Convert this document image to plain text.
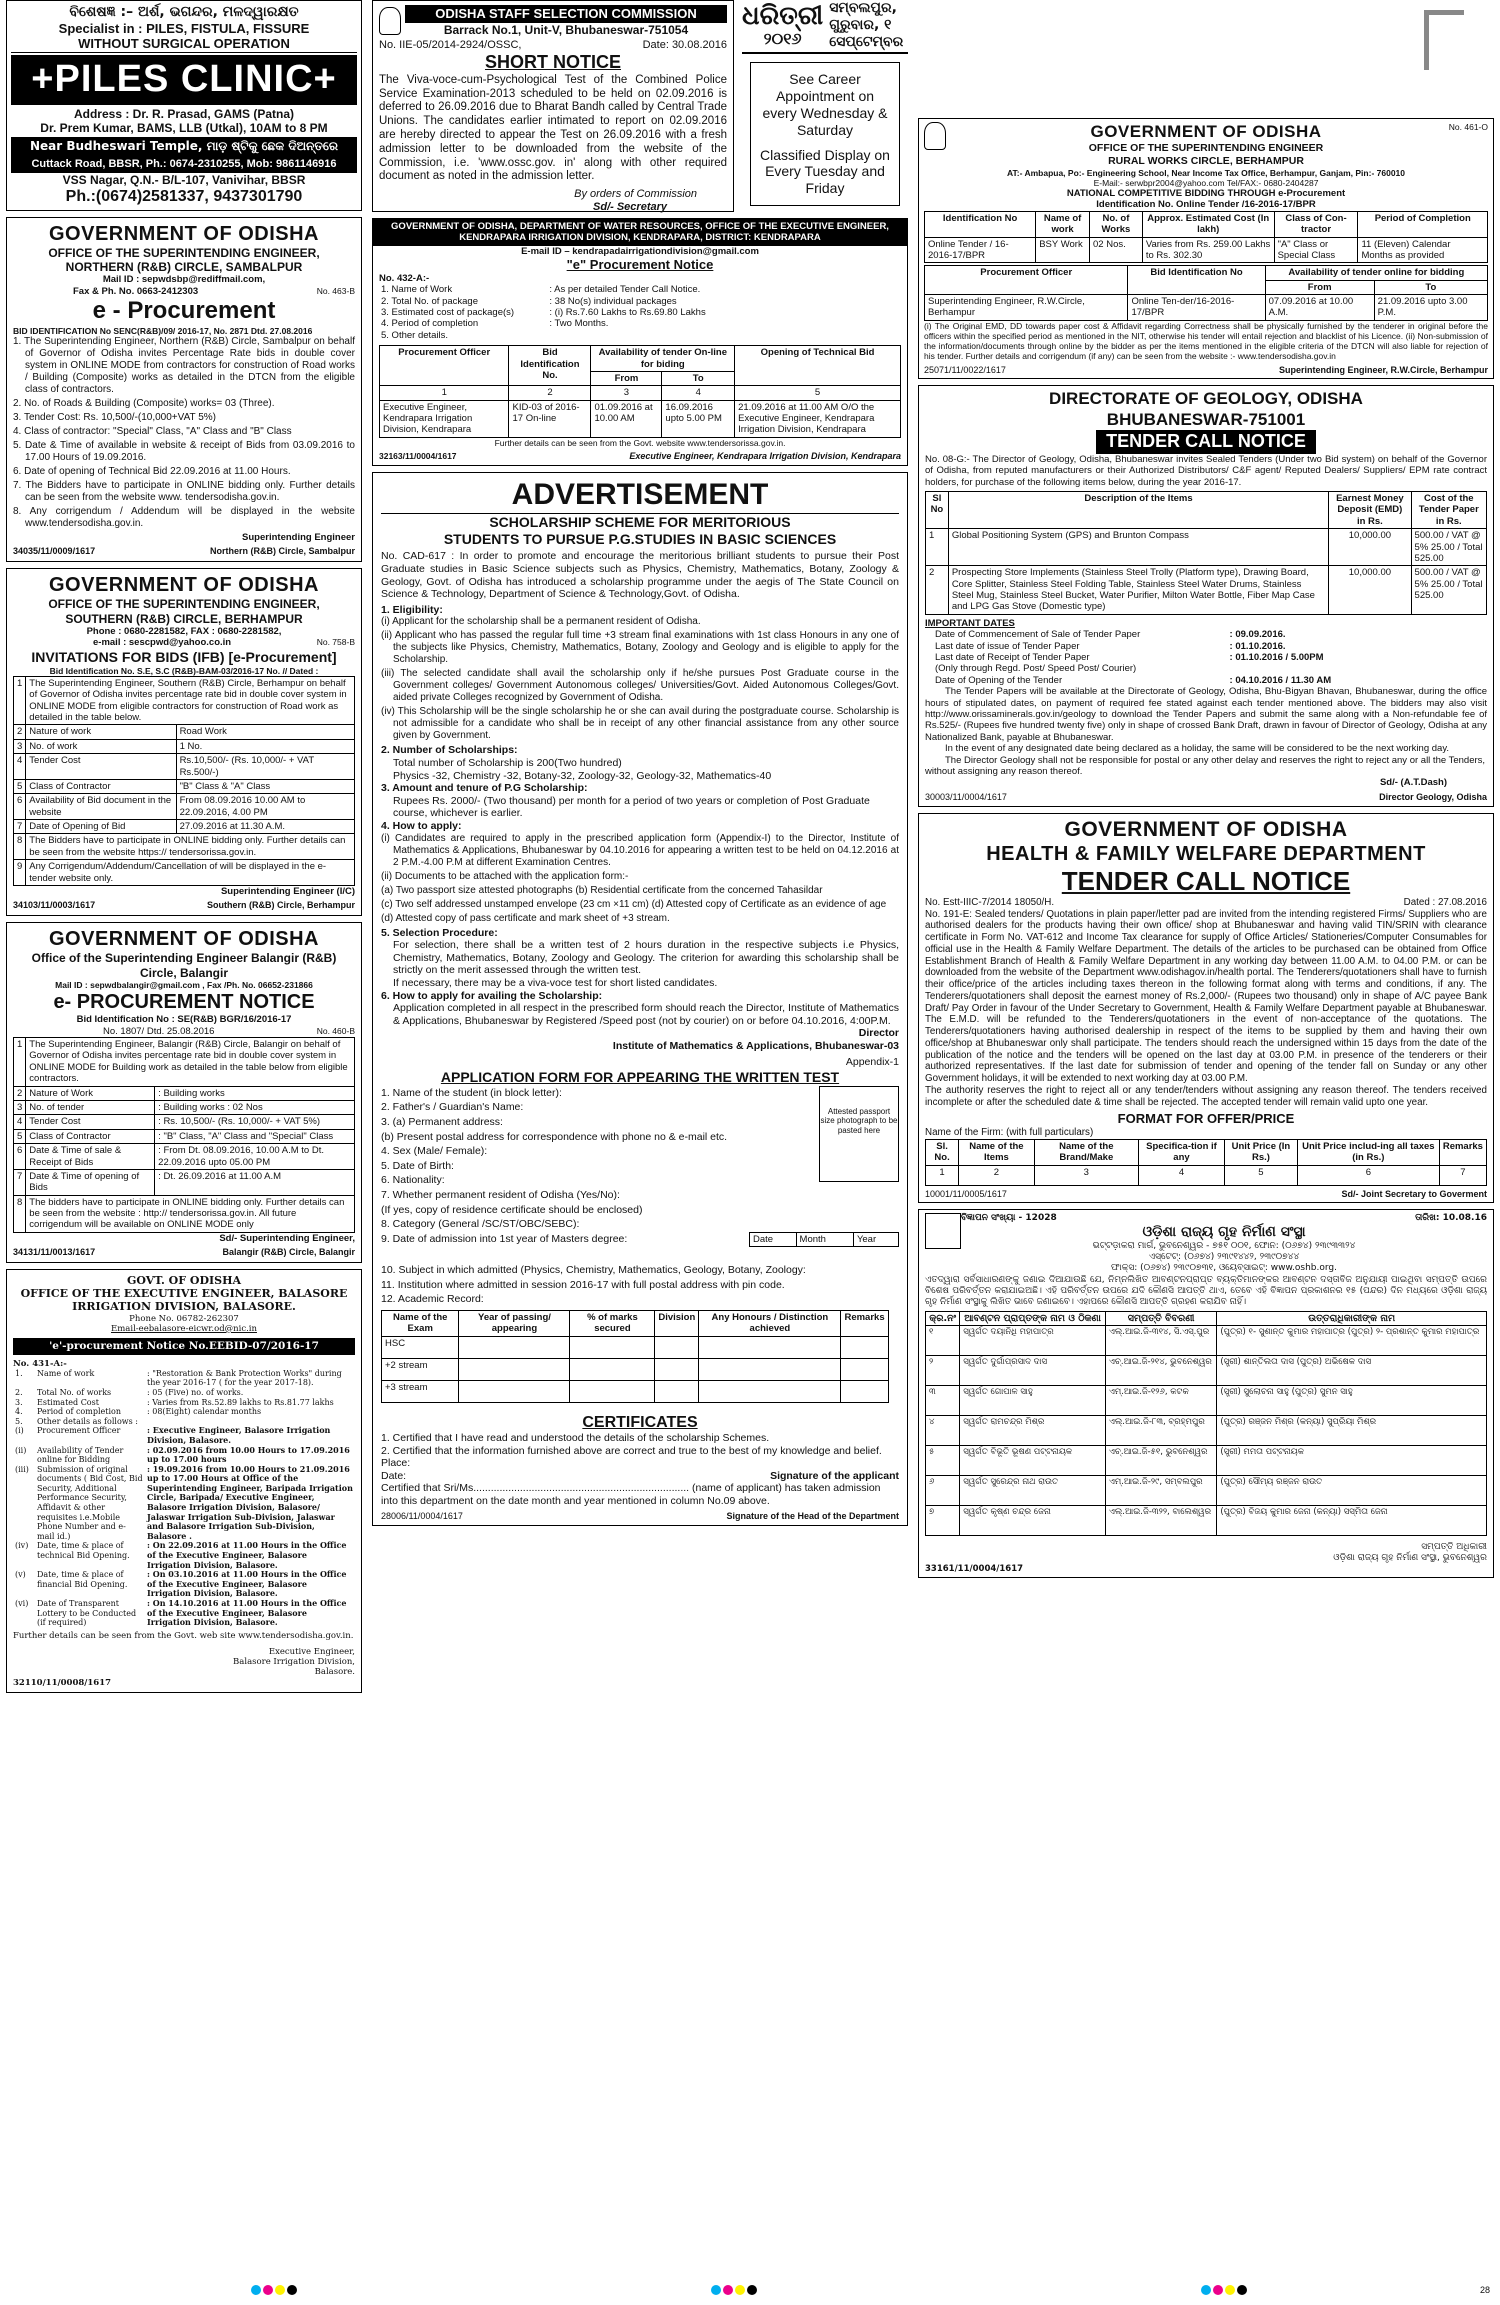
ବିଶେଷଜ୍ଞ :– ଅର୍ଶ, ଭଗନ୍ଦର, ମଳଦ୍ୱାରକ୍ଷତ
Specialist in : PILES, FISTULA, FISSURE
WITHOUT SURGICAL OPERATION
+PILES CLINIC+
Address : Dr. R. Prasad, GAMS (Patna)
Dr. Prem Kumar, BAMS, LLB (Utkal), 10AM to 8 PM
Near Budheswari Temple, ମାଡ଼ ଷ୍ଟିକୁ ଛେକ ଦିଅନ୍ତରେ
Cuttack Road, BBSR, Ph.: 0674-2310255, Mob: 9861146916
VSS Nagar, Q.N.- B/L-107, Vanivihar, BBSR
Ph.:(0674)2581337, 9437301790
GOVERNMENT OF ODISHA
OFFICE OF THE SUPERINTENDING ENGINEER, NORTHERN (R&B) CIRCLE, SAMBALPUR
Mail ID : sepwdsbp@rediffmail.com,
Fax & Ph. No. 0663-2412303	No. 463-B
e - Procurement
BID IDENTIFICATION No SENC(R&B)/09/ 2016-17, No. 2871 Dtd. 27.08.2016
1. The Superintending Engineer, Northern (R&B) Circle, Sambalpur on behalf of Governor of Odisha invites Percentage Rate bids in double cover system in ONLINE MODE from contractors for construction of Road works / Building (Composite) works as detailed in the DTCN from the eligible class of contractors.
2. No. of Roads & Building (Composite) works= 03 (Three).
3. Tender Cost: Rs. 10,500/-(10,000+VAT 5%)
4. Class of contractor: "Special" Class, "A" Class and "B" Class
5. Date & Time of available in website & receipt of Bids from 03.09.2016 to 17.00 Hours of 19.09.2016.
6. Date of opening of Technical Bid 22.09.2016 at 11.00 Hours.
7. The Bidders have to participate in ONLINE bidding only. Further details can be seen from the website www. tendersodisha.gov.in.
8. Any corrigendum / Addendum will be displayed in the website www.tendersodisha.gov.in.
Superintending Engineer
34035/11/0009/1617	Northern (R&B) Circle, Sambalpur
GOVERNMENT OF ODISHA
OFFICE OF THE SUPERINTENDING ENGINEER, SOUTHERN (R&B) CIRCLE, BERHAMPUR
Phone : 0680-2281582, FAX : 0680-2281582,
e-mail : sescpwd@yahoo.co.in	No. 758-B
INVITATIONS FOR BIDS (IFB) [e-Procurement]
Bid Identification No. S.E, S.C (R&B)-BAM-03/2016-17 No. // Dated :
1	The Superintending Engineer, Southern (R&B) Circle, Berhampur on behalf of Governor of Odisha invites percentage rate bid in double cover system in ONLINE MODE from eligible contractors for construction of Road work as detailed in the table below.	
2	Nature of work	Road Work
3	No. of work	1 No.
4	Tender Cost	Rs.10,500/- (Rs. 10,000/- + VAT Rs.500/-)
5	Class of Contractor	"B" Class & "A" Class
6	Availability of Bid document in the website	From 08.09.2016 10.00 AM to 22.09.2016, 4.00 PM
7	Date of Opening of Bid	27.09.2016 at 11.30 A.M.
8	The Bidders have to participate in ONLINE bidding only. Further details can be seen from the website https:// tendersorissa.gov.in.	
9	Any Corrigendum/Addendum/Cancellation of will be displayed in the e-tender website only.	
Superintending Engineer (I/C)
34103/11/0003/1617	Southern (R&B) Circle, Berhampur
GOVERNMENT OF ODISHA
Office of the Superintending Engineer Balangir (R&B) Circle, Balangir
Mail ID : sepwdbalangir@gmail.com , Fax /Ph. No. 06652-231866
e- PROCUREMENT NOTICE
Bid Identification No : SE(R&B) BGR/16/2016-17
No. 1807/ Dtd. 25.08.2016	No. 460-B
1	The Superintending Engineer, Balangir (R&B) Circle, Balangir on behalf of Governor of Odisha invites percentage rate bid in double cover system in ONLINE MODE for Building work as detailed in the table below from eligible contractors.	
2	Nature of Work	: Building works
3	No. of tender	: Building works : 02 Nos
4	Tender Cost	: Rs. 10,500/- (Rs. 10,000/- + VAT 5%)
5	Class of Contractor	: "B" Class, "A" Class and "Special" Class
6	Date & Time of sale & Receipt of Bids	: From Dt. 08.09.2016, 10.00 A.M to Dt. 22.09.2016 upto 05.00 PM
7	Date & Time of opening of Bids	: Dt. 26.09.2016 at 11.00 A.M
8	The bidders have to participate in ONLINE bidding only. Further details can be seen from the website : http:// tendersorissa.gov.in. All future corrigendum will be available on ONLINE MODE only	
Sd/- Superintending Engineer,
34131/11/0013/1617	Balangir (R&B) Circle, Balangir
GOVT. OF ODISHA
OFFICE OF THE EXECUTIVE ENGINEER, BALASORE IRRIGATION DIVISION, BALASORE.
Phone No. 06782-262307
Email-eebalasore-eicwr.od@nic.in
'e'-procurement Notice No.EEBID-07/2016-17
No. 431-A:-
1.	Name of work	: "Restoration & Bank Protection Works" during the year 2016-17 ( for the year 2017-18).
2.	Total No. of works	: 05 (Five) no. of works.
3.	Estimated Cost	: Varies from Rs.52.89 lakhs to Rs.81.77 lakhs
4.	Period of completion	: 08(Eight) calendar months
5.	Other details as follows :	
(i)	Procurement Officer	: Executive Engineer, Balasore Irrigation Division, Balasore.
(ii)	Availability of Tender online for Bidding	: 02.09.2016 from 10.00 Hours to 17.09.2016 up to 17.00 hours
(iii)	Submission of original documents ( Bid Cost, Bid Security, Additional Performance Security, Affidavit & other requisites i.e.Mobile Phone Number and e-mail id.)	: 19.09.2016 from 10.00 Hours to 21.09.2016 up to 17.00 Hours at Office of the Superintending Engineer, Baripada Irrigation Circle, Baripada/ Executive Engineer, Balasore Irrigation Division, Balasore/ Jalaswar Irrigation Sub-Division, Jalaswar and Balasore Irrigation Sub-Division, Balasore .
(iv)	Date, time & place of technical Bid Opening.	: On 22.09.2016 at 11.00 Hours in the Office of the Executive Engineer, Balasore Irrigation Division, Balasore.
(v)	Date, time & place of financial Bid Opening.	: On 03.10.2016 at 11.00 Hours in the Office of the Executive Engineer, Balasore Irrigation Division, Balasore.
(vi)	Date of Transparent Lottery to be Conducted (if required)	: On 14.10.2016 at 11.00 Hours in the Office of the Executive Engineer, Balasore Irrigation Division, Balasore.
Further details can be seen from the Govt. web site www.tendersodisha.gov.in.
Executive Engineer,
Balasore Irrigation Division,
Balasore.
32110/11/0008/1617
ODISHA STAFF SELECTION COMMISSION
Barrack No.1, Unit-V, Bhubaneswar-751054
No. IIE-05/2014-2924/OSSC,	Date: 30.08.2016
SHORT NOTICE
The Viva-voce-cum-Psychological Test of the Combined Police Service Examination-2013 scheduled to be held on 02.09.2016 is deferred to 26.09.2016 due to Bharat Bandh called by Central Trade Unions. The candidates earlier intimated to report on 02.09.2016 are hereby directed to appear the Test on 26.09.2016 with a fresh admission letter to be downloaded from the website of the Commission, i.e. 'www.ossc.gov. in' along with other required document as noted in the admission letter.
By orders of Commission
Sd/- Secretary
ଧରିତ୍ରୀ
୨୦୧୬
ସମ୍ବଲପୁର, ଗୁରୁବାର, ୧ ସେପ୍ଟେମ୍ବର
See Career Appointment on every Wednesday & Saturday
Classified Display on Every Tuesday and Friday
GOVERNMENT OF ODISHA, DEPARTMENT OF WATER RESOURCES, OFFICE OF THE EXECUTIVE ENGINEER, KENDRAPARA IRRIGATION DIVISION, KENDRAPARA, DISTRICT: KENDRAPARA
E-mail ID – kendrapadairrigationdivision@gmail.com
"e" Procurement Notice
No. 432-A:-
1. Name of Work	: As per detailed Tender Call Notice.
2. Total No. of package	: 38 No(s) individual packages
3. Estimated cost of package(s)	: (i) Rs.7.60 Lakhs to Rs.69.80 Lakhs
4. Period of completion	: Two Months.
5. Other details.	
Procurement Officer	Bid Identification No.	Availability of tender On-line for biding		Opening of Technical Bid
		From	To	
1	2	3	4	5
Executive Engineer, Kendrapara Irrigation Division, Kendrapara	KID-03 of 2016-17 On-line	01.09.2016 at 10.00 AM	16.09.2016 upto 5.00 PM	21.09.2016 at 11.00 AM O/O the Executive Engineer, Kendrapara Irrigation Division, Kendrapara
Further details can be seen from the Govt. website www.tendersorissa.gov.in.
32163/11/0004/1617	Executive Engineer, Kendrapara Irrigation Division, Kendrapara
ADVERTISEMENT
SCHOLARSHIP SCHEME FOR MERITORIOUS
STUDENTS TO PURSUE P.G.STUDIES IN BASIC SCIENCES
No. CAD-617 : In order to promote and encourage the meritorious brilliant students to pursue their Post Graduate studies in Basic Science subjects such as Physics, Chemistry, Mathematics, Botany, Zoology & Geology, Govt. of Odisha has introduced a scholarship programme under the aegis of The State Council on Science & Technology, Department of Science & Technology,Govt. of Odisha.
1. Eligibility:
(i) Applicant for the scholarship shall be a permanent resident of Odisha.
(ii) Applicant who has passed the regular full time +3 stream final examinations with 1st class Honours in any one of the subjects like Physics, Chemistry, Mathematics, Botany, Zoology and Geology and is eligible to apply for the Scholarship.
(iii) The selected candidate shall avail the scholarship only if he/she pursues Post Graduate course in the Government colleges/ Government Autonomous colleges/ Universities/Govt. Aided Autonomous Colleges/Govt. aided private Colleges recognized by Government of Odisha.
(iv) This Scholarship will be the single scholarship he or she can avail during the postgraduate course. Scholarship is not admissible for a candidate who shall be in receipt of any other financial assistance from any other source given by Government.
2. Number of Scholarships:
Total number of Scholarship is 200(Two hundred)
Physics -32, Chemistry -32, Botany-32, Zoology-32, Geology-32, Mathematics-40
3. Amount and tenure of P.G Scholarship:
Rupees Rs. 2000/- (Two thousand) per month for a period of two years or completion of Post Graduate course, whichever is earlier.
4. How to apply:
(i) Candidates are required to apply in the prescribed application form (Appendix-I) to the Director, Institute of Mathematics & Applications, Bhubaneswar by 04.10.2016 for appearing a written test to be held on 04.12.2016 at 2 P.M.-4.00 P.M at different Examination Centres.
(ii) Documents to be attached with the application form:-
(a) Two passport size attested photographs (b) Residential certificate from the concerned Tahasildar
(c) Two self addressed unstamped envelope (23 cm ×11 cm) (d) Attested copy of Certificate as an evidence of age
(d) Attested copy of pass certificate and mark sheet of +3 stream.
5. Selection Procedure:
For selection, there shall be a written test of 2 hours duration in the respective subjects i.e Physics, Chemistry, Mathematics, Botany, Zoology and Geology. The criterion for awarding this scholarship shall be strictly on the merit assessed through the written test.
If necessary, there may be a viva-voce test for short listed candidates.
6. How to apply for availing the Scholarship:
Application completed in all respect in the prescribed form should reach the Director, Institute of Mathematics & Applications, Bhubaneswar by Registered /Speed post (not by courier) on or before 04.10.2016, 4:00P.M.
Director
Institute of Mathematics & Applications, Bhubaneswar-03
Appendix-1
APPLICATION FORM FOR APPEARING THE WRITTEN TEST
1. Name of the student (in block letter):
2. Father's / Guardian's Name:
3. (a) Permanent address:
(b) Present postal address for correspondence with phone no & e-mail etc.
4. Sex (Male/ Female):
5. Date of Birth:
6. Nationality:
7. Whether permanent resident of Odisha (Yes/No):
(If yes, copy of residence certificate should be enclosed)
8. Category (General /SC/ST/OBC/SEBC):
Attested passport size photograph to be pasted here
9. Date of admission into 1st year of Masters degree:	Date	Month	Year
10. Subject in which admitted (Physics, Chemistry, Mathematics, Geology, Botany, Zoology:
11. Institution where admitted in session 2016-17 with full postal address with pin code.
12. Academic Record:
Name of the Exam	Year of passing/ appearing	% of marks secured	Division	Any Honours / Distinction achieved	Remarks
HSC					
+2 stream					
+3 stream					
CERTIFICATES
1. Certified that I have read and understood the details of the scholarship Schemes.
2. Certified that the information furnished above are correct and true to the best of my knowledge and belief.
Place:
Date:	Signature of the applicant
Certified that Sri/Ms.......................................................................... (name of applicant) has taken admission into this department on the date month and year mentioned in column No.09 above.
28006/11/0004/1617	Signature of the Head of the Department
No. 461-O
GOVERNMENT OF ODISHA
OFFICE OF THE SUPERINTENDING ENGINEER
RURAL WORKS CIRCLE, BERHAMPUR
AT:- Ambapua, Po:- Engineering School, Near Income Tax Office, Berhampur, Ganjam, Pin:- 760010
E-Mail:- serwbpr2004@yahoo.com Tel/FAX:- 0680-2404287
NATIONAL COMPETITIVE BIDDING THROUGH e-Procurement
Identification No. Online Tender /16-2016-17/BPR
Identification No	Name of work	No. of Works	Approx. Estimated Cost (In lakh)	Class of Con-tractor	Period of Completion
Online Tender / 16-2016-17/BPR	BSY Work	02 Nos.	Varies from Rs. 259.00 Lakhs to Rs. 302.30	"A" Class or Special Class	11 (Eleven) Calendar Months as provided
Procurement Officer	Bid Identification No	Availability of tender online for bidding	
		From	To
Superintending Engineer, R.W.Circle, Berhampur	Online Ten-der/16-2016-17/BPR	07.09.2016 at 10.00 A.M.	21.09.2016 upto 3.00 P.M.
(i) The Original EMD, DD towards paper cost & Affidavit regarding Correctness shall be physically furnished by the tenderer in original before the officers within the specified period as mentioned in the NIT, otherwise his tender will entail rejection and blacklist of his Licence. (ii) Non-submission of the information/documents through online by the bidder as per the items mentioned in the eligible criteria of the DTCN will also liable for rejection of his tender. Further details and corrigendum (if any) can be seen from the website :- www.tendersodisha.gov.in
25071/11/0022/1617	Superintending Engineer, R.W.Circle, Berhampur
DIRECTORATE OF GEOLOGY, ODISHA
BHUBANESWAR-751001
TENDER CALL NOTICE
No. 08-G:- The Director of Geology, Odisha, Bhubaneswar invites Sealed Tenders (Under two Bid system) on behalf of the Governor of Odisha, from reputed manufacturers or their Authorized Distributors/ C&F agent/ Reputed Dealers/ Suppliers/ EPM rate contract holders, for purchase of the following items below, during the year 2016-17.
Sl No	Description of the Items	Earnest Money Deposit (EMD) in Rs.	Cost of the Tender Paper in Rs.
1	Global Positioning System (GPS) and Brunton Compass	10,000.00	500.00 / VAT @ 5% 25.00 / Total 525.00
2	Prospecting Store Implements (Stainless Steel Trolly (Platform type), Drawing Board, Core Splitter, Stainless Steel Folding Table, Stainless Steel Water Drums, Stainless Steel Mug, Stainless Steel Bucket, Water Purifier, Milton Water Bottle, Fiber Map Case and LPG Gas Stove (Domestic type)	10,000.00	500.00 / VAT @ 5% 25.00 / Total 525.00
IMPORTANT DATES
Date of Commencement of Sale of Tender Paper	: 09.09.2016.
Last date of issue of Tender Paper	: 01.10.2016.
Last date of Receipt of Tender Paper	: 01.10.2016 / 5.00PM
(Only through Regd. Post/ Speed Post/ Courier)	
Date of Opening of the Tender	: 04.10.2016 / 11.30 AM
The Tender Papers will be available at the Directorate of Geology, Odisha, Bhu-Bigyan Bhavan, Bhubaneswar, during the office hours of stipulated dates, on payment of required fee stated against each tender mentioned above. The bidders may also visit http://www.orissaminerals.gov.in/geology to download the Tender Papers and submit the same along with a Non-refundable fee of Rs.525/- (Rupees five hundred twenty five) only in shape of crossed Bank Draft, drawn in favour of Director of Geology, Odisha at any Nationalized Bank, payable at Bhubaneswar.
In the event of any designated date being declared as a holiday, the same will be considered to be the next working day.
The Director Geology shall not be responsible for postal or any other delay and reserves the right to reject any or all the Tenders, without assigning any reason thereof.
Sd/- (A.T.Dash)
30003/11/0004/1617	Director Geology, Odisha
GOVERNMENT OF ODISHA
HEALTH & FAMILY WELFARE DEPARTMENT
TENDER CALL NOTICE
No. Estt-IIIC-7/2014 18050/H.	Dated : 27.08.2016
No. 191-E: Sealed tenders/ Quotations in plain paper/letter pad are invited from the intending registered Firms/ Suppliers who are authorised dealers for the products having their own office/ shop at Bhubaneswar and having valid TIN/SRIN with clearance certificate in Form No. VAT-612 and Income Tax clearance for supply of Office Articles/ Stationeries/Computer Consumables for official use in the Health & Family Welfare Department. The details of the articles to be purchased can be obtained from Office Establishment Branch of Health & Family Welfare Department in any working day between 11.00 A.M. to 04.00 P.M. or can be downloaded from the website of the Department www.odishagov.in/health portal. The Tenderers/quotationers shall have to furnish their office/price of the articles including taxes thereon in the following format along with terms and conditions, if any. The Tenderers/quotationers shall deposit the earnest money of Rs.2,000/- (Rupees two thousand) only in shape of A/C payee Bank Draft/ Pay Order in favour of the Under Secretary to Government, Health & Family Welfare Department payable at Bhubaneswar. The E.M.D. will be refunded to the Tenderers/quotationers in the event of non-acceptance of the quotations. The Tenderers/quotationers having authorised dealership in respect of the items to be supplied by them and having their own office/shop at Bhubaneswar only shall participate. The tenders should reach the undersigned within 15 days from the date of the publication of the notice and the tenders will be opened on the last day at 03.00 P.M. in presence of the tenderers or their authorized representatives. If the last date for submission of tender and opening of the tender fall on Sunday or any other Government holidays, it will be extended to next working day at 03.00 P.M.
The authority reserves the right to reject all or any tender/tenders without assigning any reason thereof. The tenders received incomplete or after the scheduled date & time shall be rejected. The accepted tender will remain valid upto one year.
FORMAT FOR OFFER/PRICE
Name of the Firm: (with full particulars)
Sl. No.	Name of the Items	Name of the Brand/Make	Specifica-tion if any	Unit Price (In Rs.)	Unit Price includ-ing all taxes (in Rs.)	Remarks
1	2	3	4	5	6	7
10001/11/0005/1617	Sd/- Joint Secretary to Goverment
ବିଜ୍ଞାପନ ସଂଖ୍ୟା - 12028	ତାରିଖ: 10.08.16
ଓଡ଼ିଶା ରାଜ୍ୟ ଗୃହ ନିର୍ମାଣ ସଂସ୍ଥା
ଭଟ୍ଟଡ଼ାକରା ମାର୍ଗ, ଭୁବନେଶ୍ୱର - ୭୫୧ ୦୦୧, ଫୋନ: (୦୬୭୪) ୨୩୯୩୩୨୪
ଏସ୍‌ଟେଟ୍: (୦୬୭୪) ୨୩୯୧୪୪୨, ୨୩୯୦୭୪୪
ଫାକ୍ସ: (୦୬୭୪) ୨୩୯୦୭୩୧, ଓୟେବ୍‌ସାଇଟ୍: www.oshb.org.
ଏତଦ୍ୱାରା ସର୍ବସାଧାରଣଙ୍କୁ ଜଣାଇ ଦିଆଯାଉଛି ଯେ, ନିମ୍ନଲିଖିତ ଆବଣ୍ଟନପ୍ରାପ୍ତ ବ୍ୟକ୍ତିମାନଙ୍କର ଆବଣ୍ଟନ ଦସ୍ତାବିଜ ଅନୁଯାୟୀ ପାଇଥିବା ସମ୍ପତ୍ତି ଉପରେ ବିଶେଷ ପରିବର୍ତ୍ତନ କରାଯାଇଅଛି। ଏହି ପରିବର୍ତ୍ତନ ଉପରେ ଯଦି କୌଣସି ଆପତ୍ତି ଥାଏ, ତେବେ ଏହି ବିଜ୍ଞାପନ ପ୍ରକାଶନର ୧୫ (ପନ୍ଦର) ଦିନ ମଧ୍ୟରେ ଓଡ଼ିଶା ରାଜ୍ୟ ଗୃହ ନିର୍ମାଣ ସଂସ୍ଥାକୁ ଲିଖିତ ଭାବେ ଜଣାଇବେ। ଏହାପରେ କୌଣସି ଆପତ୍ତି ଗ୍ରହଣ କରାଯିବ ନାହିଁ।
କ୍ର.ନଂ	ଆବଣ୍ଟନ ପ୍ରାପ୍ତଙ୍କ ନାମ ଓ ଠିକଣା	ସମ୍ପତ୍ତି ବିବରଣୀ	ଉତ୍ତରାଧିକାରୀଙ୍କ ନାମ
୧	ସ୍ୱର୍ଗତ ଦୟାନିଧି ମହାପାତ୍ର	ଏଲ୍.ଆଇ.ଜି-୩୧୪, ସି.ଏସ୍.ପୁର	(ପୁତ୍ର) ୧- ସୁଶାନ୍ତ କୁମାର ମହାପାତ୍ର (ପୁତ୍ର) ୨- ପ୍ରଶାନ୍ତ କୁମାର ମହାପାତ୍ର
୨	ସ୍ୱର୍ଗତ ଦୁର୍ଗାପ୍ରସାଦ ଦାସ	ଏଚ୍.ଆଇ.ଜି-୨୧୪, ଭୁବନେଶ୍ୱର	(ସ୍ତ୍ରୀ) ଶାନ୍ତିଲତା ଦାସ (ପୁତ୍ର) ଅଭିଷେକ ଦାସ
୩	ସ୍ୱର୍ଗତ ଗୋପାଳ ସାହୁ	ଏମ୍.ଆଇ.ଜି-୧୨୬, କଟକ	(ସ୍ତ୍ରୀ) ସୁଲୋଚନା ସାହୁ (ପୁତ୍ର) ସୁମନ ସାହୁ
୪	ସ୍ୱର୍ଗତ ରାମଚନ୍ଦ୍ର ମିଶ୍ର	ଏଲ୍.ଆଇ.ଜି-୮୩, ବ୍ରହ୍ମପୁର	(ପୁତ୍ର) ରଞ୍ଜନ ମିଶ୍ର (କନ୍ୟା) ସୁପ୍ରିୟା ମିଶ୍ର
୫	ସ୍ୱର୍ଗତ ବିଭୂତି ଭୂଷଣ ପଟ୍ଟନାୟକ	ଏଚ୍.ଆଇ.ଜି-୫୧, ଭୁବନେଶ୍ୱର	(ସ୍ତ୍ରୀ) ମମତା ପଟ୍ଟନାୟକ
୬	ସ୍ୱର୍ଗତ ସୁରେନ୍ଦ୍ର ନାଥ ରାଉତ	ଏମ୍.ଆଇ.ଜି-୨୯, ସମ୍ବଲପୁର	(ପୁତ୍ର) ସୌମ୍ୟ ରଞ୍ଜନ ରାଉତ
୭	ସ୍ୱର୍ଗତ କୃଷ୍ଣ ଚନ୍ଦ୍ର ଜେନା	ଏଲ୍.ଆଇ.ଜି-୩୨୨, ବାଲେଶ୍ୱର	(ପୁତ୍ର) ବିଜୟ କୁମାର ଜେନା (କନ୍ୟା) ସସ୍ମିତା ଜେନା
ସମ୍ପତ୍ତି ଅଧିକାରୀ
ଓଡ଼ିଶା ରାଜ୍ୟ ଗୃହ ନିର୍ମାଣ ସଂସ୍ଥା, ଭୁବନେଶ୍ୱର
33161/11/0004/1617
28
